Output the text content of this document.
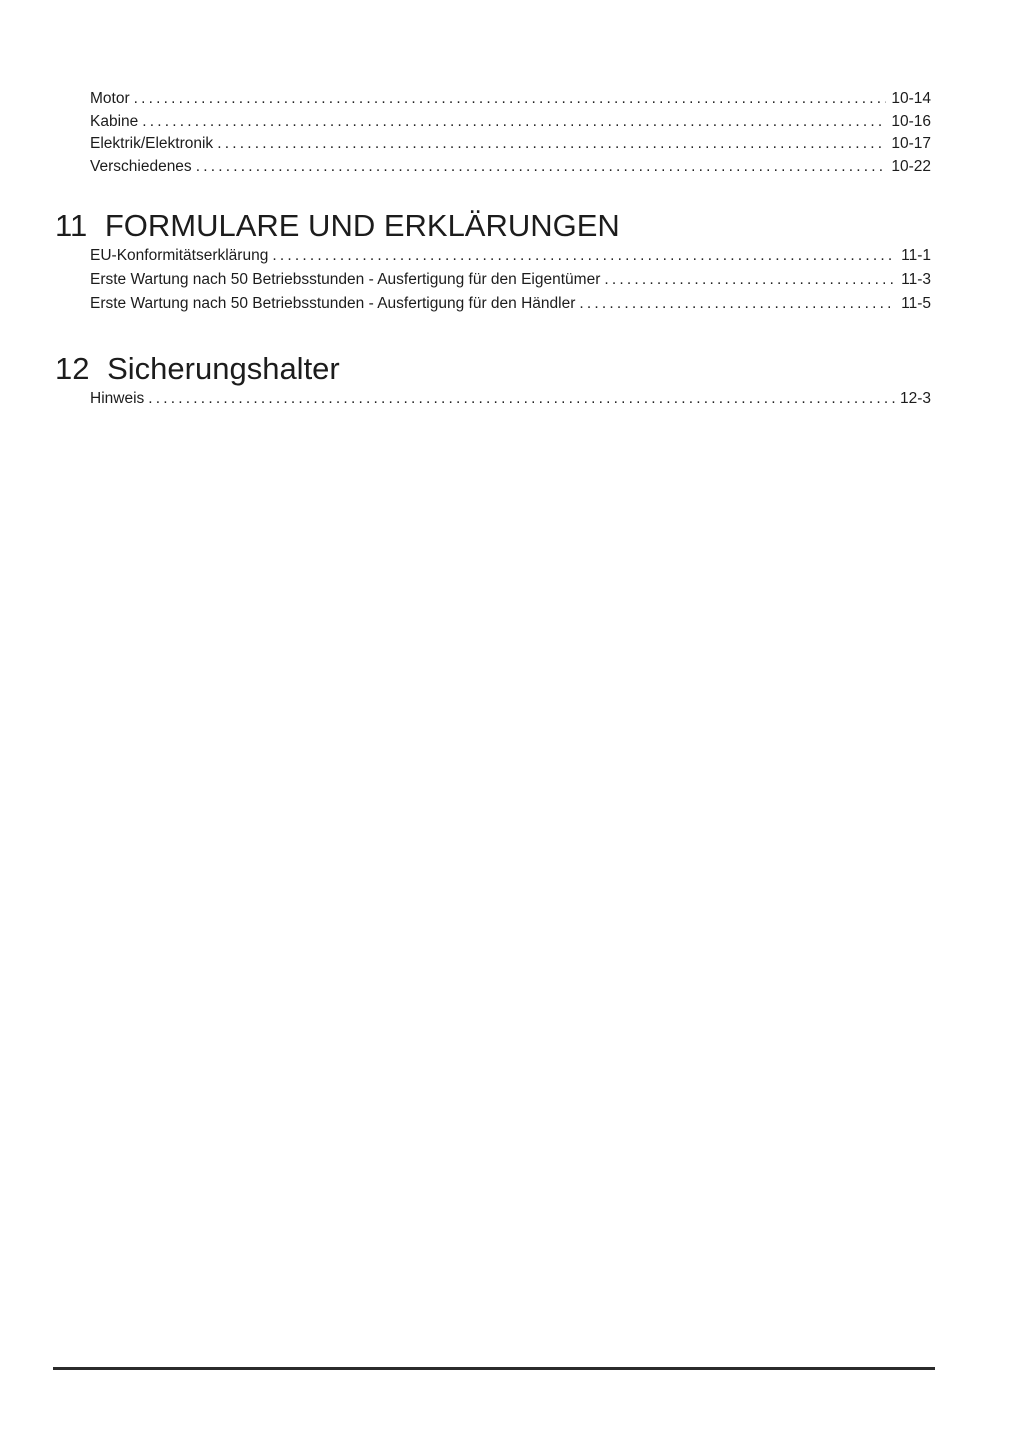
Motor .....	10-14
Kabine .....	10-16
Elektrik/Elektronik .....	10-17
Verschiedenes .....	10-22
11 FORMULARE UND ERKLÄRUNGEN
EU-Konformitätserklärung .....	11-1
Erste Wartung nach 50 Betriebsstunden - Ausfertigung für den Eigentümer .....	11-3
Erste Wartung nach 50 Betriebsstunden - Ausfertigung für den Händler .....	11-5
12 Sicherungshalter
Hinweis .....	12-3
